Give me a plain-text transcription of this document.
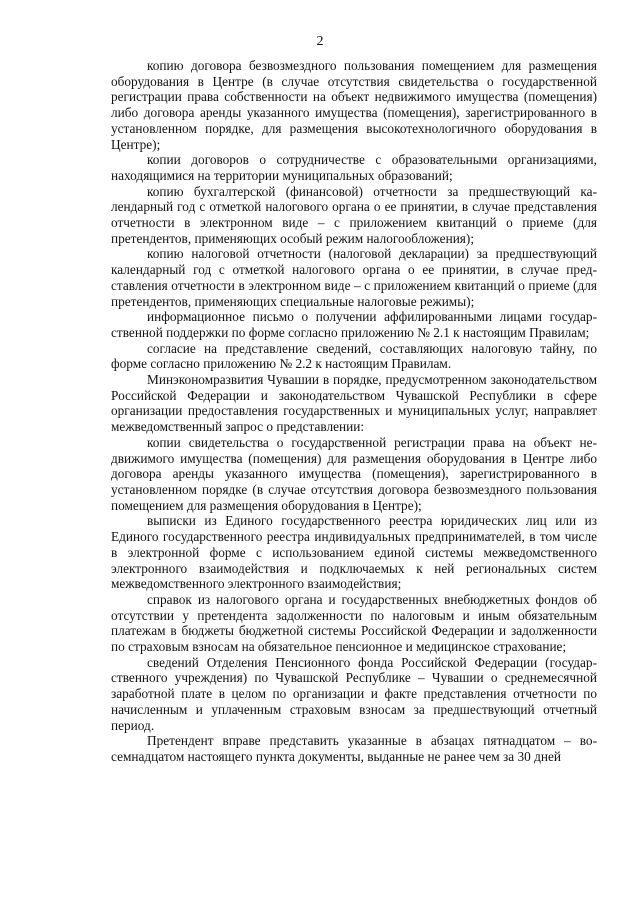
2

копию договора безвозмездного пользования помещением для размещения оборудования в Центре (в случае отсутствия свидетельства о государственной регистрации права собственности на объект недвижимого имущества (помещения) либо договора аренды указанного имущества (помещения), зарегистрированного в установленном порядке, для размещения высокотехнологичного оборудования в Центре);

копии договоров о сотрудничестве с образовательными организациями, находящимися на территории муниципальных образований;

копию бухгалтерской (финансовой) отчетности за предшествующий календарный год с отметкой налогового органа о ее принятии, в случае представления отчетности в электронном виде – с приложением квитанций о приеме (для претендентов, применяющих особый режим налогообложения);

копию налоговой отчетности (налоговой декларации) за предшествующий календарный год с отметкой налогового органа о ее принятии, в случае представления отчетности в электронном виде – с приложением квитанций о приеме (для претендентов, применяющих специальные налоговые режимы);

информационное письмо о получении аффилированными лицами государственной поддержки по форме согласно приложению № 2.1 к настоящим Правилам;

согласие на представление сведений, составляющих налоговую тайну, по форме согласно приложению № 2.2 к настоящим Правилам.

Минэкономразвития Чувашии в порядке, предусмотренном законодательством Российской Федерации и законодательством Чувашской Республики в сфере организации предоставления государственных и муниципальных услуг, направляет межведомственный запрос о представлении:

копии свидетельства о государственной регистрации права на объект недвижимого имущества (помещения) для размещения оборудования в Центре либо договора аренды указанного имущества (помещения), зарегистрированного в установленном порядке (в случае отсутствия договора безвозмездного пользования помещением для размещения оборудования в Центре);

выписки из Единого государственного реестра юридических лиц или из Единого государственного реестра индивидуальных предпринимателей, в том числе в электронной форме с использованием единой системы межведомственного электронного взаимодействия и подключаемых к ней региональных систем межведомственного электронного взаимодействия;

справок из налогового органа и государственных внебюджетных фондов об отсутствии у претендента задолженности по налоговым и иным обязательным платежам в бюджеты бюджетной системы Российской Федерации и задолженности по страховым взносам на обязательное пенсионное и медицинское страхование;

сведений Отделения Пенсионного фонда Российской Федерации (государственного учреждения) по Чувашской Республике – Чувашии о среднемесячной заработной плате в целом по организации и факте представления отчетности по начисленным и уплаченным страховым взносам за предшествующий отчетный период.

Претендент вправе представить указанные в абзацах пятнадцатом – восемнадцатом настоящего пункта документы, выданные не ранее чем за 30 дней
